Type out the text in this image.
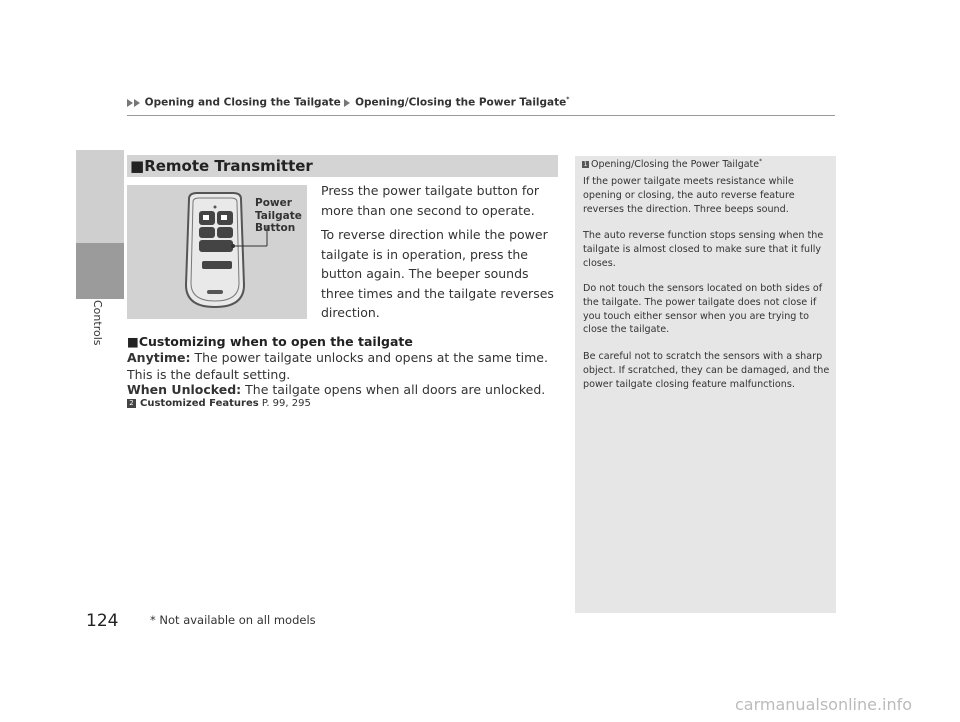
Controls
Opening and Closing the Tailgate Opening/Closing the Power Tailgate*
■Remote Transmitter
Power
Tailgate
Button
Press the power tailgate button for more than one second to operate.
To reverse direction while the power tailgate is in operation, press the button again. The beeper sounds three times and the tailgate reverses direction.
■Customizing when to open the tailgate
Anytime: The power tailgate unlocks and opens at the same time. This is the default setting.
When Unlocked: The tailgate opens when all doors are unlocked.
2 Customized Features P. 99, 295
1 Opening/Closing the Power Tailgate*
If the power tailgate meets resistance while opening or closing, the auto reverse feature reverses the direction. Three beeps sound.
The auto reverse function stops sensing when the tailgate is almost closed to make sure that it fully closes.
Do not touch the sensors located on both sides of the tailgate. The power tailgate does not close if you touch either sensor when you are trying to close the tailgate.
Be careful not to scratch the sensors with a sharp object. If scratched, they can be damaged, and the power tailgate closing feature malfunctions.
124	* Not available on all models
carmanualsonline.info
